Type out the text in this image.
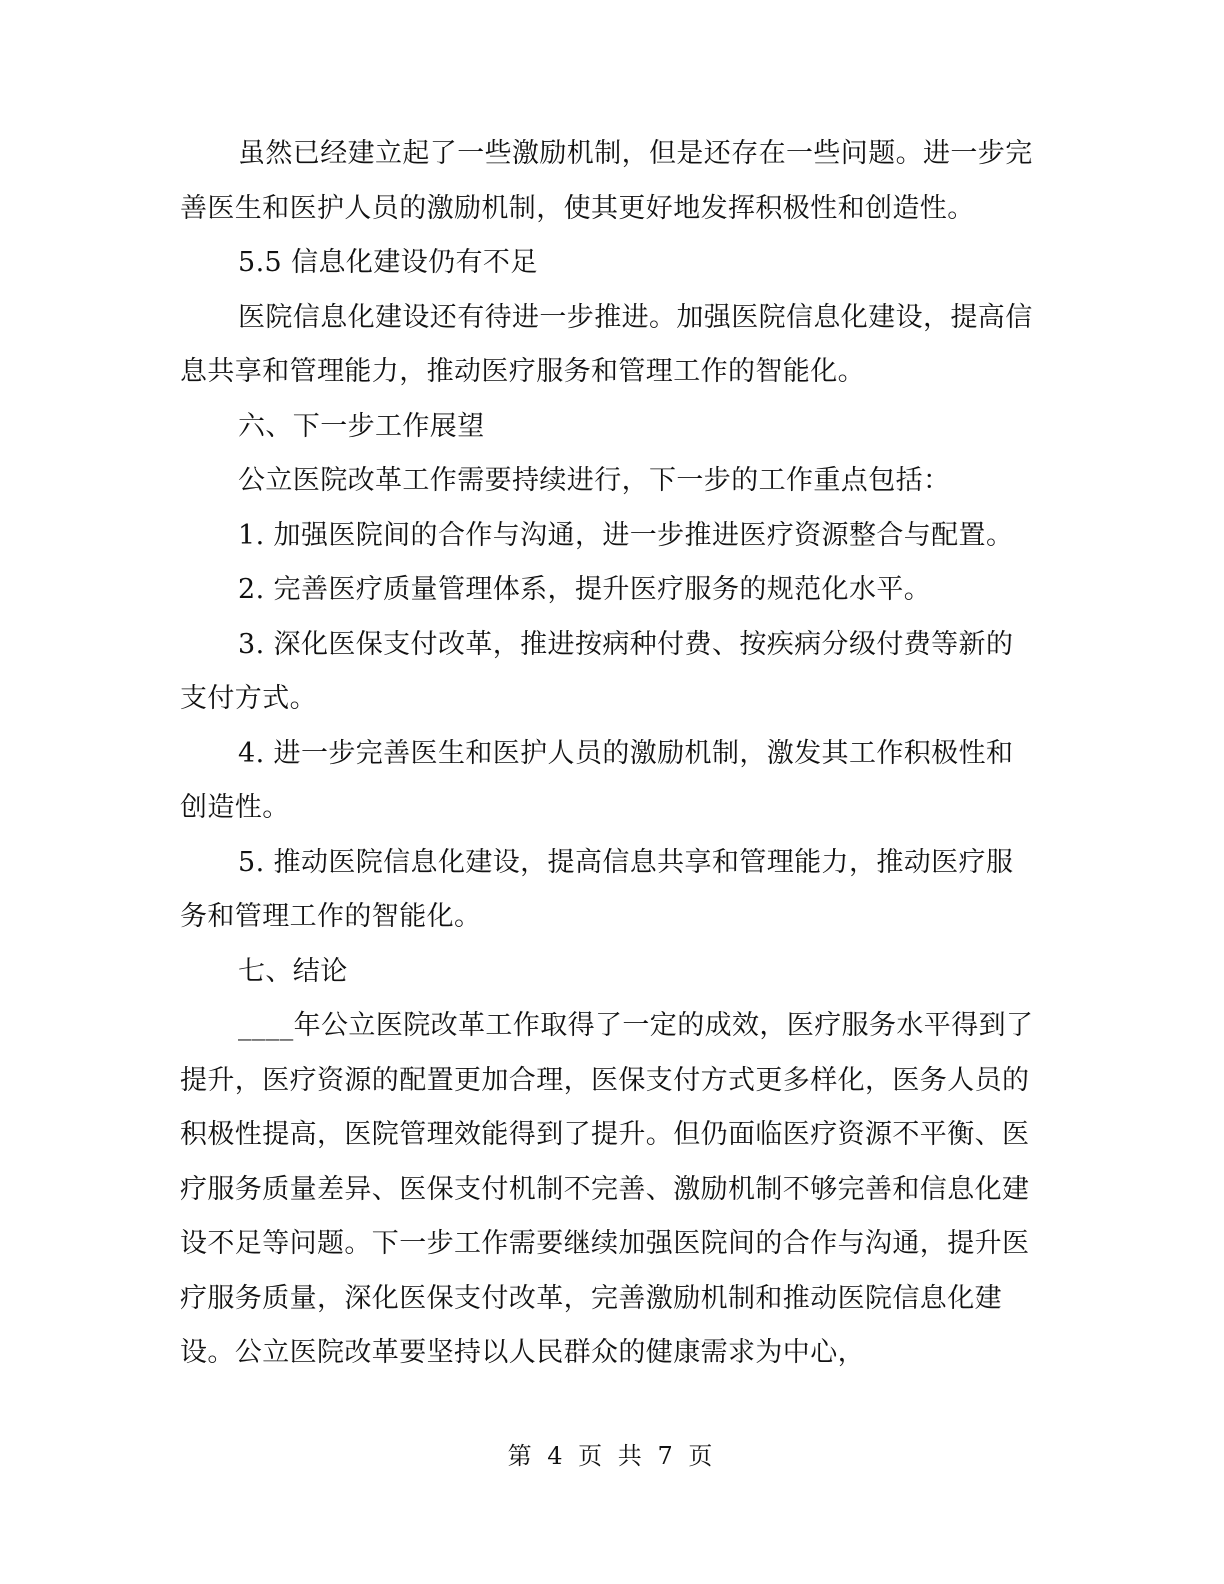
虽然已经建立起了一些激励机制，但是还存在一些问题。进一步完善医生和医护人员的激励机制，使其更好地发挥积极性和创造性。

5.5 信息化建设仍有不足

医院信息化建设还有待进一步推进。加强医院信息化建设，提高信息共享和管理能力，推动医疗服务和管理工作的智能化。

六、下一步工作展望

公立医院改革工作需要持续进行，下一步的工作重点包括：

1. 加强医院间的合作与沟通，进一步推进医疗资源整合与配置。

2. 完善医疗质量管理体系，提升医疗服务的规范化水平。

3. 深化医保支付改革，推进按病种付费、按疾病分级付费等新的支付方式。

4. 进一步完善医生和医护人员的激励机制，激发其工作积极性和创造性。

5. 推动医院信息化建设，提高信息共享和管理能力，推动医疗服务和管理工作的智能化。

七、结论

____年公立医院改革工作取得了一定的成效，医疗服务水平得到了提升，医疗资源的配置更加合理，医保支付方式更多样化，医务人员的积极性提高，医院管理效能得到了提升。但仍面临医疗资源不平衡、医疗服务质量差异、医保支付机制不完善、激励机制不够完善和信息化建设不足等问题。下一步工作需要继续加强医院间的合作与沟通，提升医疗服务质量，深化医保支付改革，完善激励机制和推动医院信息化建设。公立医院改革要坚持以人民群众的健康需求为中心，

第 4 页 共 7 页
